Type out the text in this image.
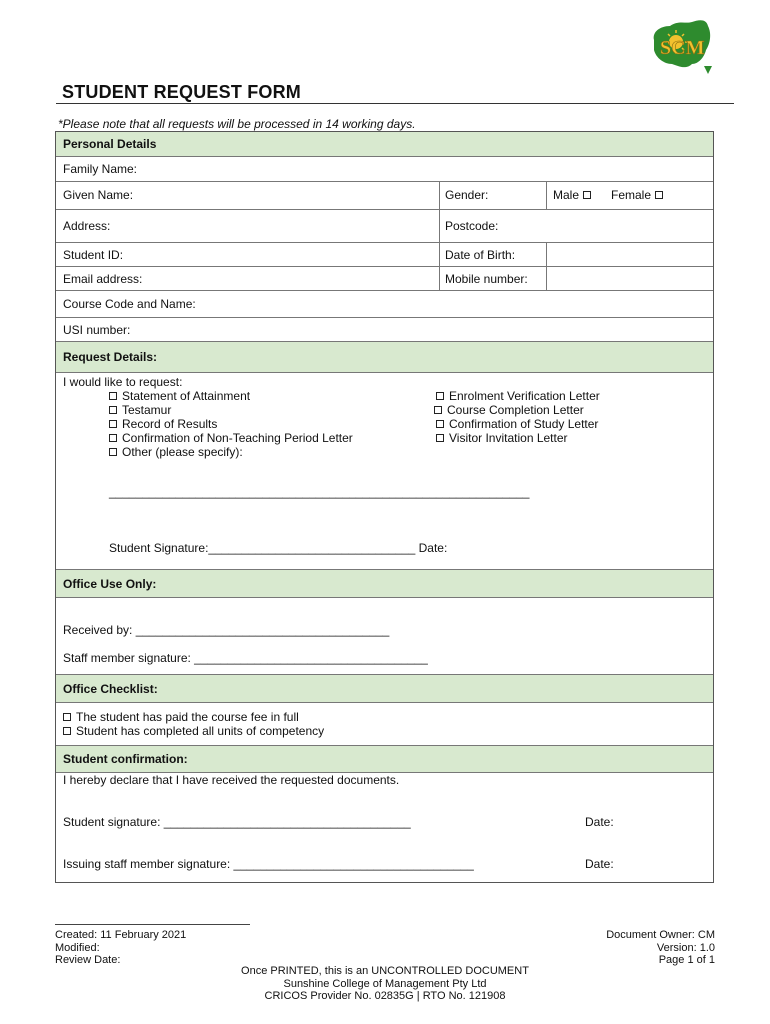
SCM
STUDENT REQUEST FORM
*Please note that all requests will be processed in 14 working days.
Personal Details
Family Name:
Given Name:	Gender:	Male	Female
Address:	Postcode:
Student ID:	Date of Birth:
Email address:	Mobile number:
Course Code and Name:
USI number:
Request Details:
I would like to request:
Statement of Attainment
Testamur
Record of Results
Confirmation of Non-Teaching Period Letter
Other (please specify):
Enrolment Verification Letter
Course Completion Letter
Confirmation of Study Letter
Visitor Invitation Letter
_______________________________________________________________
Student Signature:_______________________________ Date:
Office Use Only:
Received by: ______________________________________
Staff member signature: ___________________________________
Office Checklist:
The student has paid the course fee in full
Student has completed all units of competency
Student confirmation:
I hereby declare that I have received the requested documents.
Student signature: _____________________________________	Date:
Issuing staff member signature: ____________________________________	Date:
Created: 11 February 2021
Modified:
Review Date:
Document Owner: CM
Version: 1.0
Page 1 of 1
Once PRINTED, this is an UNCONTROLLED DOCUMENT
Sunshine College of Management Pty Ltd
CRICOS Provider No. 02835G | RTO No. 121908
